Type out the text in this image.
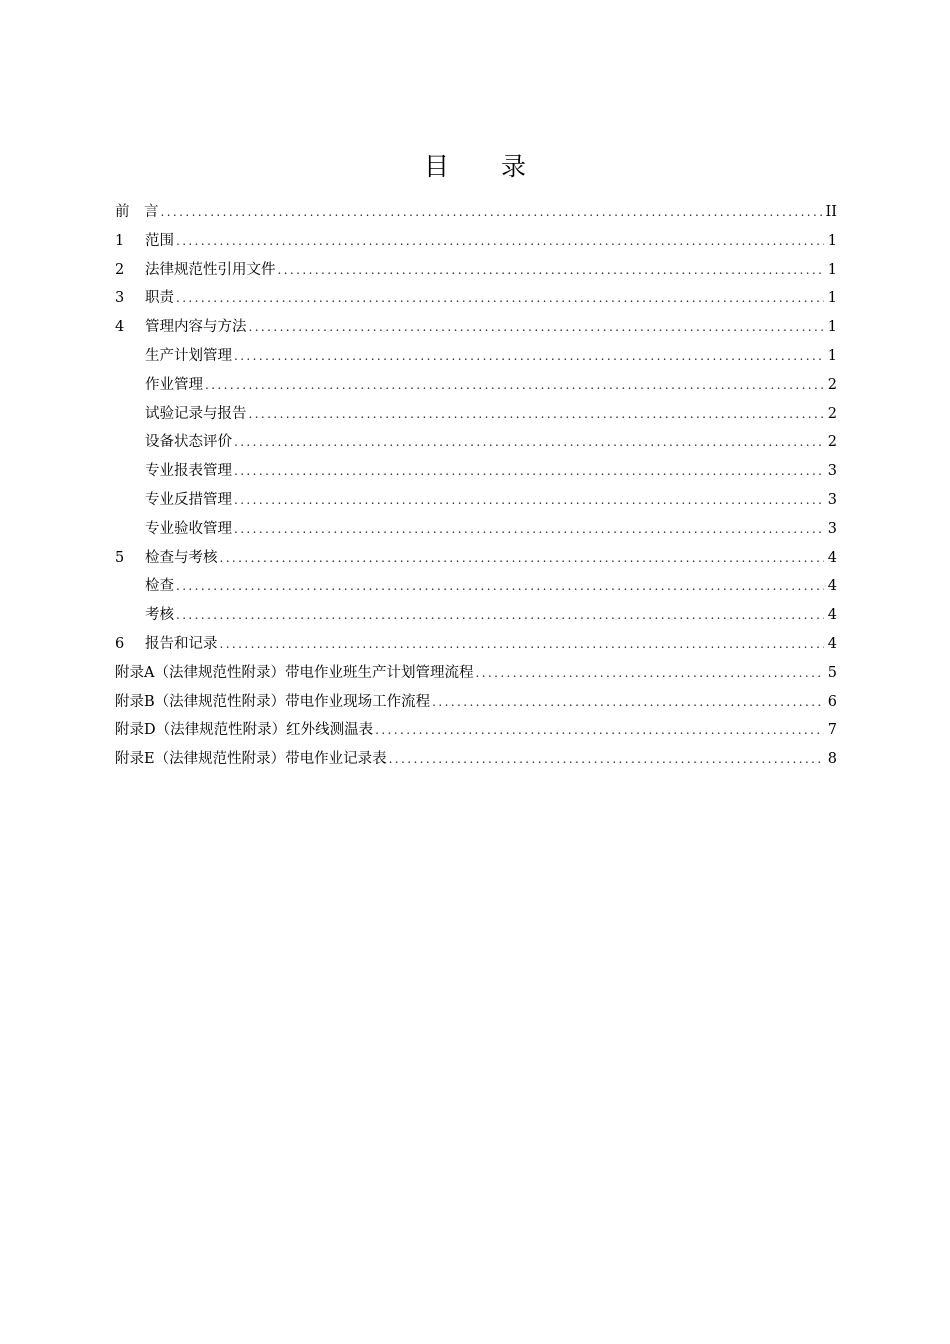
目 录
前　言 .....	II
1	范围 .....	1
2	法律规范性引用文件 .....	1
3	职责 .....	1
4	管理内容与方法 .....	1
生产计划管理 .....	1
作业管理 .....	2
试验记录与报告 .....	2
设备状态评价 .....	2
专业报表管理 .....	3
专业反措管理 .....	3
专业验收管理 .....	3
5	检查与考核 .....	4
检查 .....	4
考核 .....	4
6	报告和记录 .....	4
附录A（法律规范性附录）带电作业班生产计划管理流程 .....	5
附录B（法律规范性附录）带电作业现场工作流程 .....	6
附录D（法律规范性附录）红外线测温表 .....	7
附录E（法律规范性附录）带电作业记录表 .....	8
